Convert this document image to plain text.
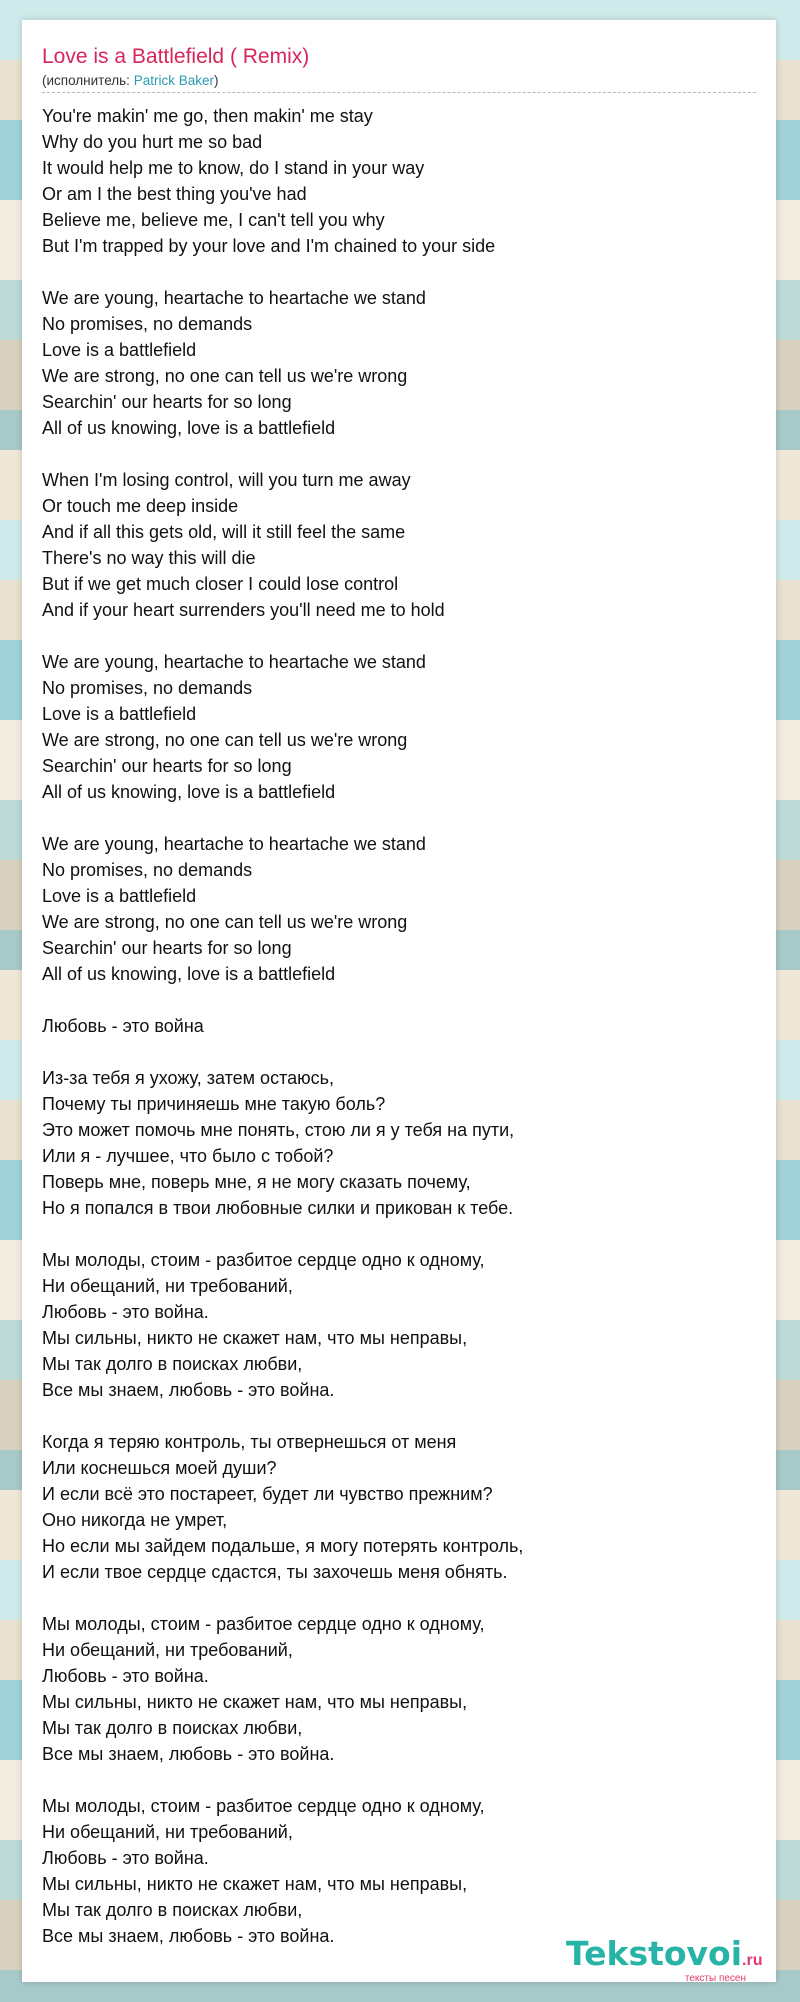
Love is a Battlefield ( Remix)
(исполнитель: Patrick Baker)
You're makin' me go, then makin' me stay
Why do you hurt me so bad
It would help me to know, do I stand in your way
Or am I the best thing you've had
Believe me, believe me, I can't tell you why
But I'm trapped by your love and I'm chained to your side
We are young, heartache to heartache we stand
No promises, no demands
Love is a battlefield
We are strong, no one can tell us we're wrong
Searchin' our hearts for so long
All of us knowing, love is a battlefield
When I'm losing control, will you turn me away
Or touch me deep inside
And if all this gets old, will it still feel the same
There's no way this will die
But if we get much closer I could lose control
And if your heart surrenders you'll need me to hold
We are young, heartache to heartache we stand
No promises, no demands
Love is a battlefield
We are strong, no one can tell us we're wrong
Searchin' our hearts for so long
All of us knowing, love is a battlefield
We are young, heartache to heartache we stand
No promises, no demands
Love is a battlefield
We are strong, no one can tell us we're wrong
Searchin' our hearts for so long
All of us knowing, love is a battlefield
Любовь - это война
Из-за тебя я ухожу, затем остаюсь,
Почему ты причиняешь мне такую боль?
Это может помочь мне понять, стою ли я у тебя на пути,
Или я - лучшее, что было с тобой?
Поверь мне, поверь мне, я не могу сказать почему,
Но я попался в твои любовные силки и прикован к тебе.
Мы молоды, стоим - разбитое сердце одно к одному,
Ни обещаний, ни требований,
Любовь - это война.
Мы сильны, никто не скажет нам, что мы неправы,
Мы так долго в поисках любви,
Все мы знаем, любовь - это война.
Когда я теряю контроль, ты отвернешься от меня
Или коснешься моей души?
И если всё это постареет, будет ли чувство прежним?
Оно никогда не умрет,
Но если мы зайдем подальше, я могу потерять контроль,
И если твое сердце сдастся, ты захочешь меня обнять.
Мы молоды, стоим - разбитое сердце одно к одному,
Ни обещаний, ни требований,
Любовь - это война.
Мы сильны, никто не скажет нам, что мы неправы,
Мы так долго в поисках любви,
Все мы знаем, любовь - это война.
Мы молоды, стоим - разбитое сердце одно к одному,
Ни обещаний, ни требований,
Любовь - это война.
Мы сильны, никто не скажет нам, что мы неправы,
Мы так долго в поисках любви,
Все мы знаем, любовь - это война.	Tekstovoi.ru
тексты песен
